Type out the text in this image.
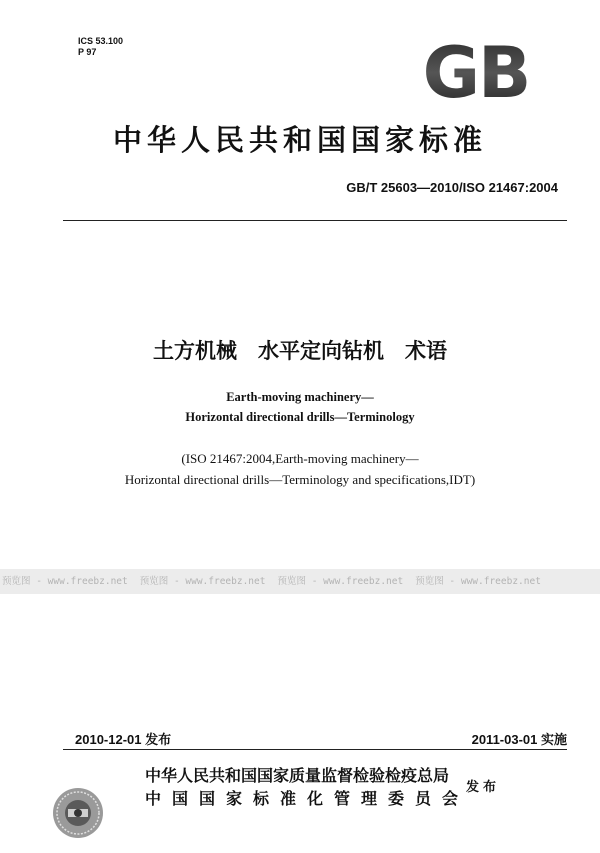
ICS 53.100
P 97	GB
中华人民共和国国家标准
GB/T 25603—2010/ISO 21467:2004
土方机械　水平定向钻机　术语
Earth-moving machinery—
Horizontal directional drills—Terminology
(ISO 21467:2004,Earth-moving machinery—
Horizontal directional drills—Terminology and specifications,IDT)
预览图 - www.freebz.net 预览图 - www.freebz.net 预览图 - www.freebz.net 预览图 - www.freebz.net
2010-12-01 发布	2011-03-01 实施
中华人民共和国国家质量监督检验检疫总局
中国国家标准化管理委员会
发布
